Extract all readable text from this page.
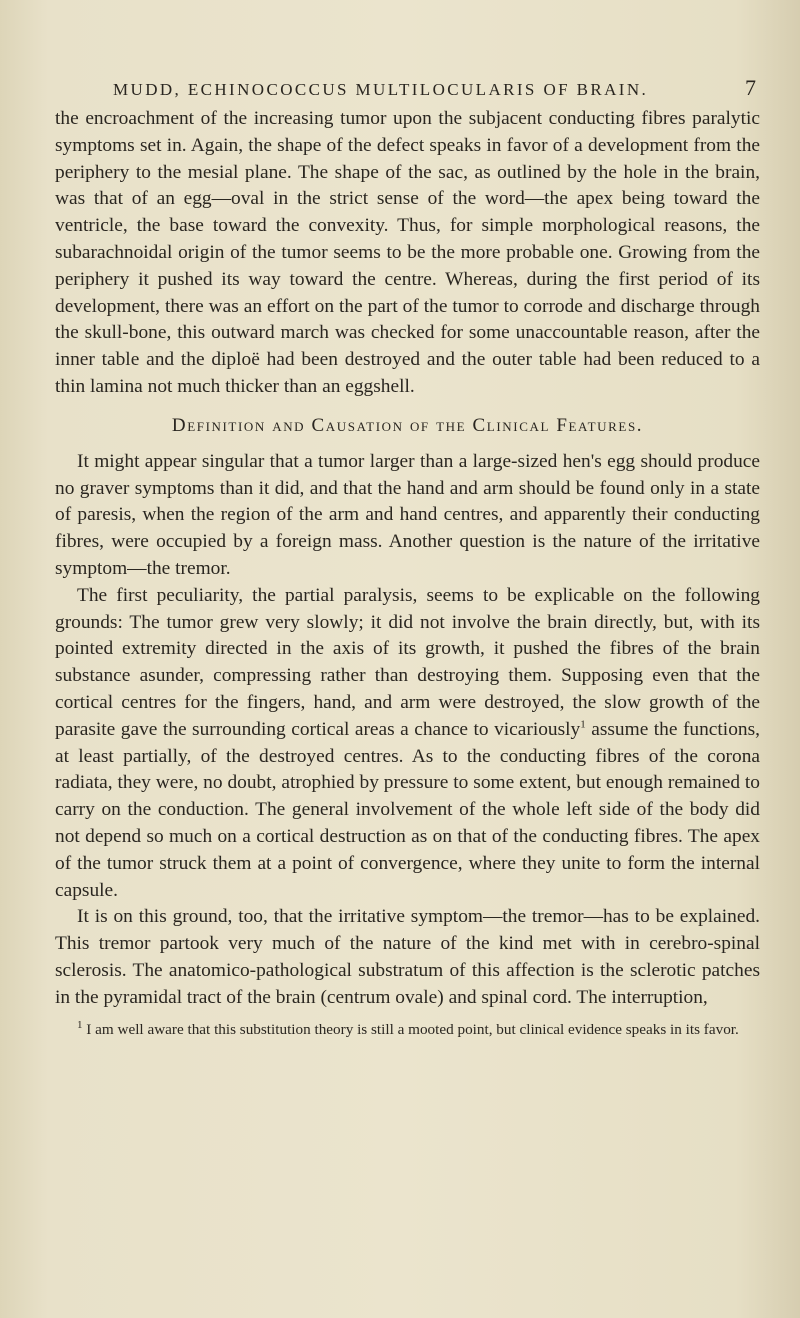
MUDD, ECHINOCOCCUS MULTILOCULARIS OF BRAIN.	7

the encroachment of the increasing tumor upon the subjacent conducting fibres paralytic symptoms set in. Again, the shape of the defect speaks in favor of a development from the periphery to the mesial plane. The shape of the sac, as outlined by the hole in the brain, was that of an egg—oval in the strict sense of the word—the apex being toward the ventricle, the base toward the convexity. Thus, for simple morphological reasons, the subarachnoidal origin of the tumor seems to be the more probable one. Growing from the periphery it pushed its way toward the centre. Whereas, during the first period of its development, there was an effort on the part of the tumor to corrode and discharge through the skull-bone, this outward march was checked for some unaccountable reason, after the inner table and the diploë had been destroyed and the outer table had been reduced to a thin lamina not much thicker than an eggshell.

Definition and Causation of the Clinical Features.

It might appear singular that a tumor larger than a large-sized hen's egg should produce no graver symptoms than it did, and that the hand and arm should be found only in a state of paresis, when the region of the arm and hand centres, and apparently their conducting fibres, were occupied by a foreign mass. Another question is the nature of the irritative symptom—the tremor.

The first peculiarity, the partial paralysis, seems to be explicable on the following grounds: The tumor grew very slowly; it did not involve the brain directly, but, with its pointed extremity directed in the axis of its growth, it pushed the fibres of the brain substance asunder, compressing rather than destroying them. Supposing even that the cortical centres for the fingers, hand, and arm were destroyed, the slow growth of the parasite gave the surrounding cortical areas a chance to vicariously$^1$ assume the functions, at least partially, of the destroyed centres. As to the conducting fibres of the corona radiata, they were, no doubt, atrophied by pressure to some extent, but enough remained to carry on the conduction. The general involvement of the whole left side of the body did not depend so much on a cortical destruction as on that of the conducting fibres. The apex of the tumor struck them at a point of convergence, where they unite to form the internal capsule.

It is on this ground, too, that the irritative symptom—the tremor—has to be explained. This tremor partook very much of the nature of the kind met with in cerebro-spinal sclerosis. The anatomico-pathological substratum of this affection is the sclerotic patches in the pyramidal tract of the brain (centrum ovale) and spinal cord. The interruption,

$^1$ I am well aware that this substitution theory is still a mooted point, but clinical evidence speaks in its favor.
